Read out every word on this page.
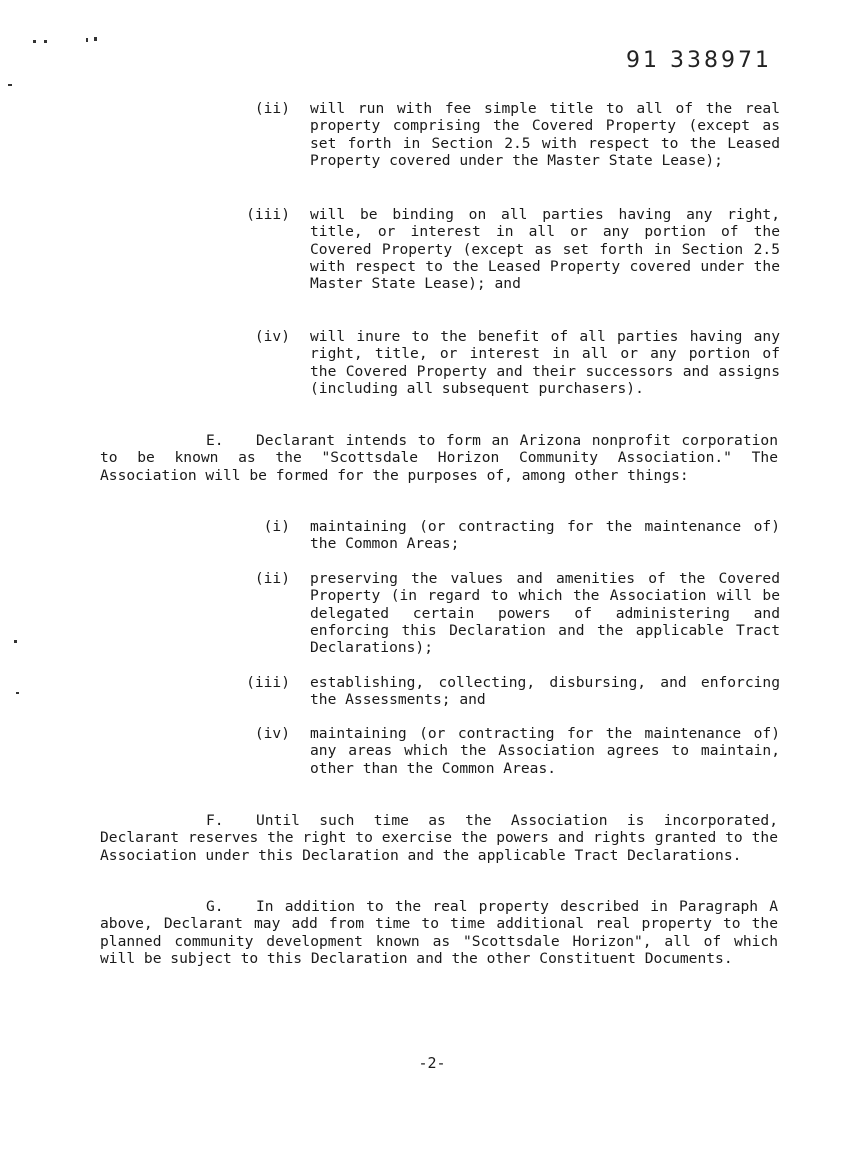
91 338971
(ii) will run with fee simple title to all of the real property comprising the Covered Property (except as set forth in Section 2.5 with respect to the Leased Property covered under the Master State Lease);
(iii) will be binding on all parties having any right, title, or interest in all or any portion of the Covered Property (except as set forth in Section 2.5 with respect to the Leased Property covered under the Master State Lease); and
(iv) will inure to the benefit of all parties having any right, title, or interest in all or any portion of the Covered Property and their successors and assigns (including all subsequent purchasers).
E. Declarant intends to form an Arizona nonprofit corporation to be known as the "Scottsdale Horizon Community Association." The Association will be formed for the purposes of, among other things:
(i) maintaining (or contracting for the maintenance of) the Common Areas;
(ii) preserving the values and amenities of the Covered Property (in regard to which the Association will be delegated certain powers of administering and enforcing this Declaration and the applicable Tract Declarations);
(iii) establishing, collecting, disbursing, and enforcing the Assessments; and
(iv) maintaining (or contracting for the maintenance of) any areas which the Association agrees to maintain, other than the Common Areas.
F. Until such time as the Association is incorporated, Declarant reserves the right to exercise the powers and rights granted to the Association under this Declaration and the applicable Tract Declarations.
G. In addition to the real property described in Paragraph A above, Declarant may add from time to time additional real property to the planned community development known as "Scottsdale Horizon", all of which will be subject to this Declaration and the other Constituent Documents.
-2-
